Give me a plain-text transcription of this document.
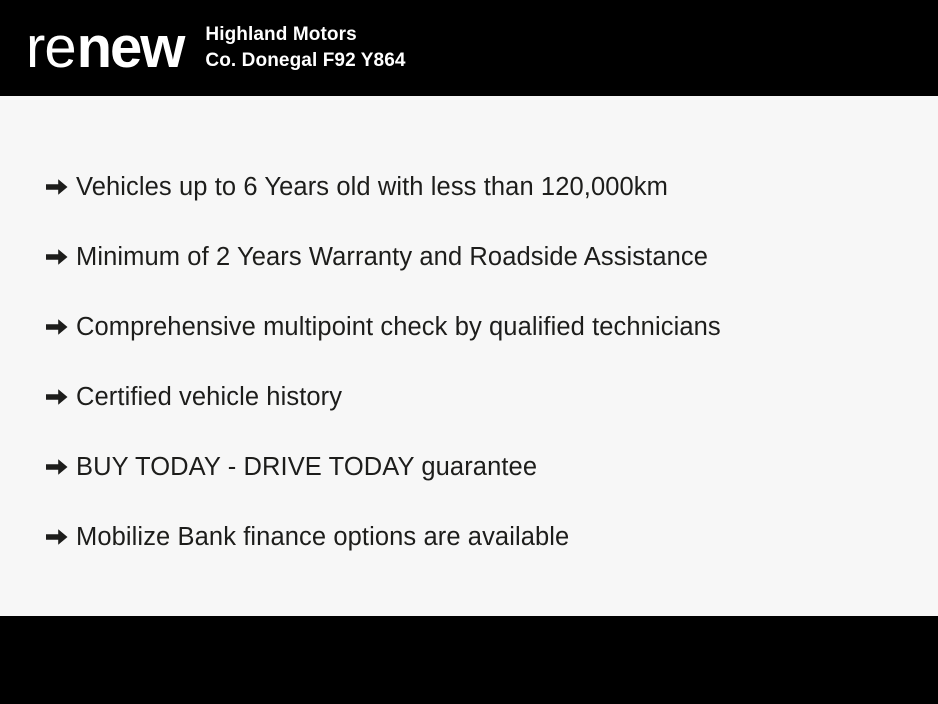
re new Highland Motors
Co. Donegal F92 Y864
Vehicles up to 6 Years old with less than 120,000km
Minimum of 2 Years Warranty and Roadside Assistance
Comprehensive multipoint check by qualified technicians
Certified vehicle history
BUY TODAY - DRIVE TODAY guarantee
Mobilize Bank finance options are available
